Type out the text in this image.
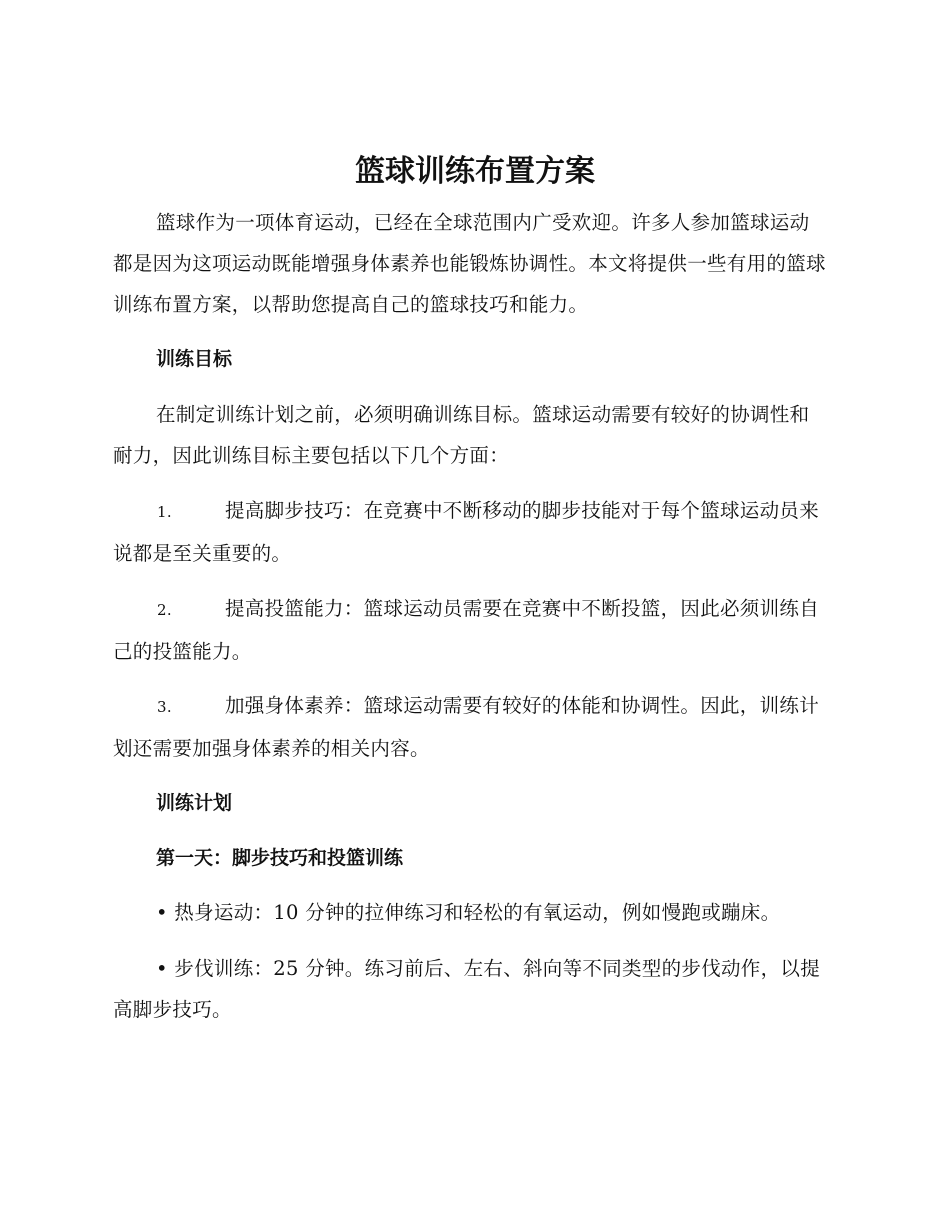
篮球训练布置方案

篮球作为一项体育运动，已经在全球范围内广受欢迎。许多人参加篮球运动都是因为这项运动既能增强身体素养也能锻炼协调性。本文将提供一些有用的篮球训练布置方案，以帮助您提高自己的篮球技巧和能力。

训练目标

在制定训练计划之前，必须明确训练目标。篮球运动需要有较好的协调性和耐力，因此训练目标主要包括以下几个方面：

1.	提高脚步技巧：在竞赛中不断移动的脚步技能对于每个篮球运动员来说都是至关重要的。

2.	提高投篮能力：篮球运动员需要在竞赛中不断投篮，因此必须训练自己的投篮能力。

3.	加强身体素养：篮球运动需要有较好的体能和协调性。因此，训练计划还需要加强身体素养的相关内容。

训练计划
第一天：脚步技巧和投篮训练

• 热身运动：10 分钟的拉伸练习和轻松的有氧运动，例如慢跑或蹦床。

• 步伐训练：25 分钟。练习前后、左右、斜向等不同类型的步伐动作，以提高脚步技巧。
